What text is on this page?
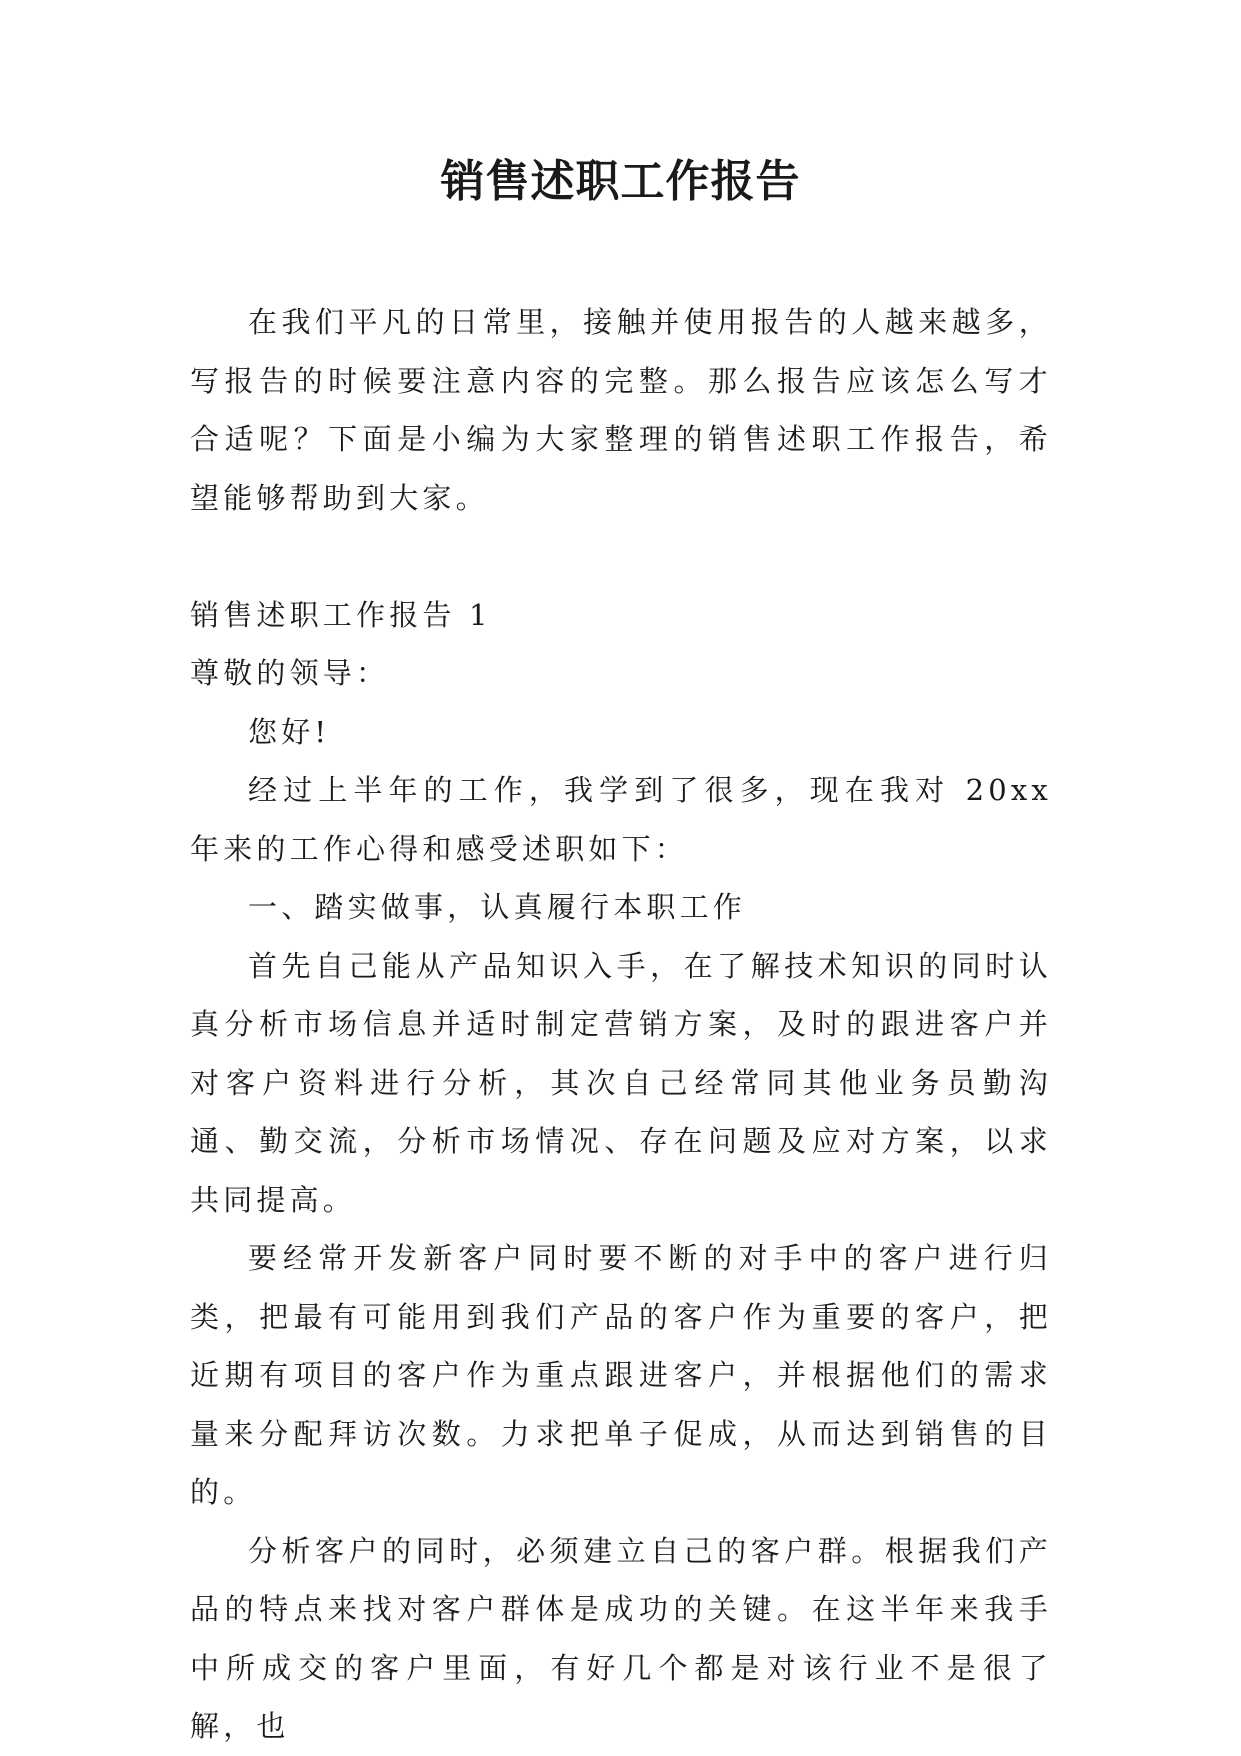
销售述职工作报告

在我们平凡的日常里，接触并使用报告的人越来越多，写报告的时候要注意内容的完整。那么报告应该怎么写才合适呢？下面是小编为大家整理的销售述职工作报告，希望能够帮助到大家。

销售述职工作报告 1

尊敬的领导：

您好!

经过上半年的工作，我学到了很多，现在我对 20xx 年来的工作心得和感受述职如下：

一、踏实做事，认真履行本职工作

首先自己能从产品知识入手，在了解技术知识的同时认真分析市场信息并适时制定营销方案，及时的跟进客户并对客户资料进行分析，其次自己经常同其他业务员勤沟通、勤交流，分析市场情况、存在问题及应对方案，以求共同提高。

要经常开发新客户同时要不断的对手中的客户进行归类，把最有可能用到我们产品的客户作为重要的客户，把近期有项目的客户作为重点跟进客户，并根据他们的需求量来分配拜访次数。力求把单子促成，从而达到销售的目的。

分析客户的同时，必须建立自己的客户群。根据我们产品的特点来找对客户群体是成功的关键。在这半年来我手中所成交的客户里面，有好几个都是对该行业不是很了解，也
